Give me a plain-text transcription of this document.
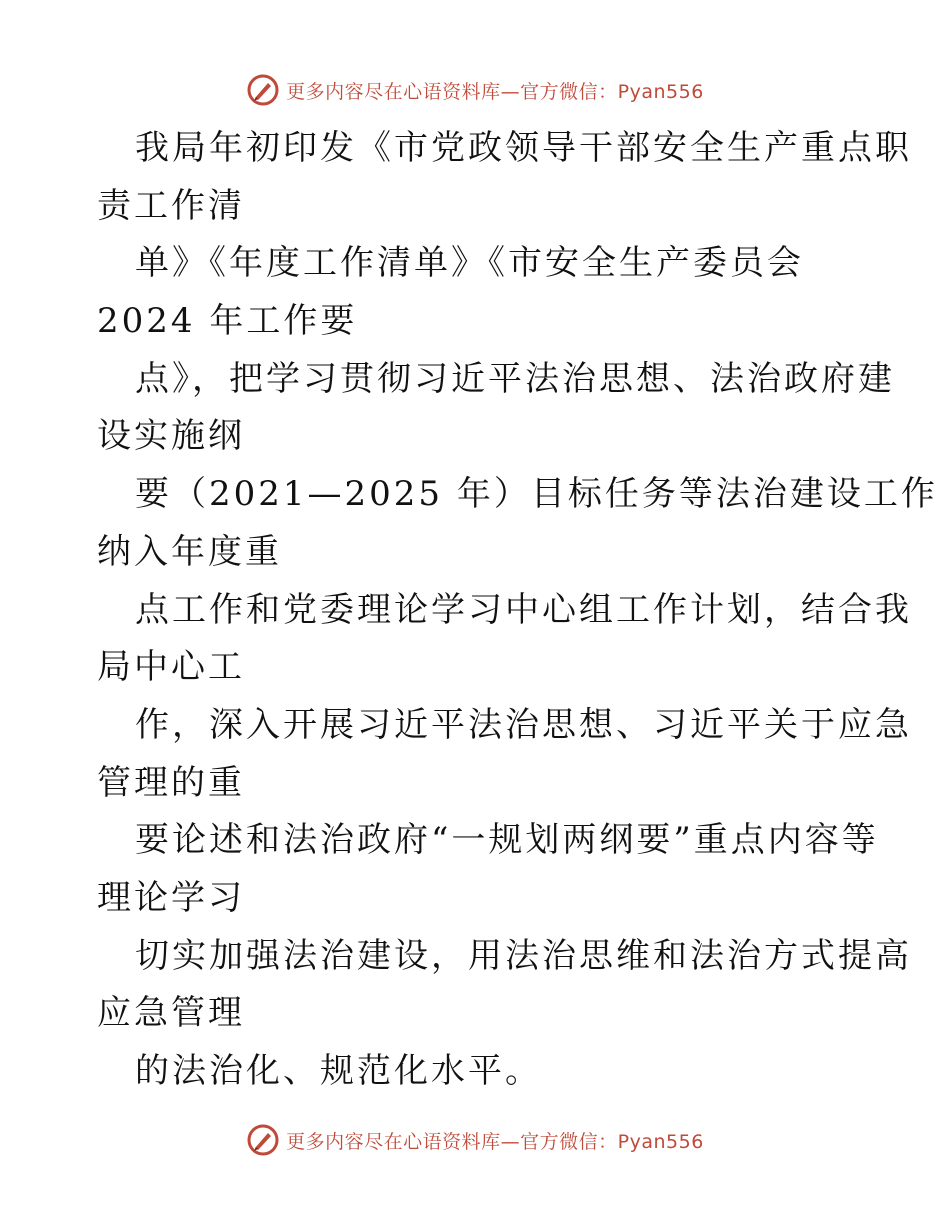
更多内容尽在心语资料库—官方微信：Pyan556
我局年初印发《市党政领导干部安全生产重点职
责工作清
单》《年度工作清单》《市安全生产委员会
2024 年工作要
点》，把学习贯彻习近平法治思想、法治政府建
设实施纲
要（2021—2025 年）目标任务等法治建设工作
纳入年度重
点工作和党委理论学习中心组工作计划，结合我
局中心工
作，深入开展习近平法治思想、习近平关于应急
管理的重
要论述和法治政府“一规划两纲要”重点内容等
理论学习
切实加强法治建设，用法治思维和法治方式提高
应急管理
的法治化、规范化水平。
更多内容尽在心语资料库—官方微信：Pyan556
